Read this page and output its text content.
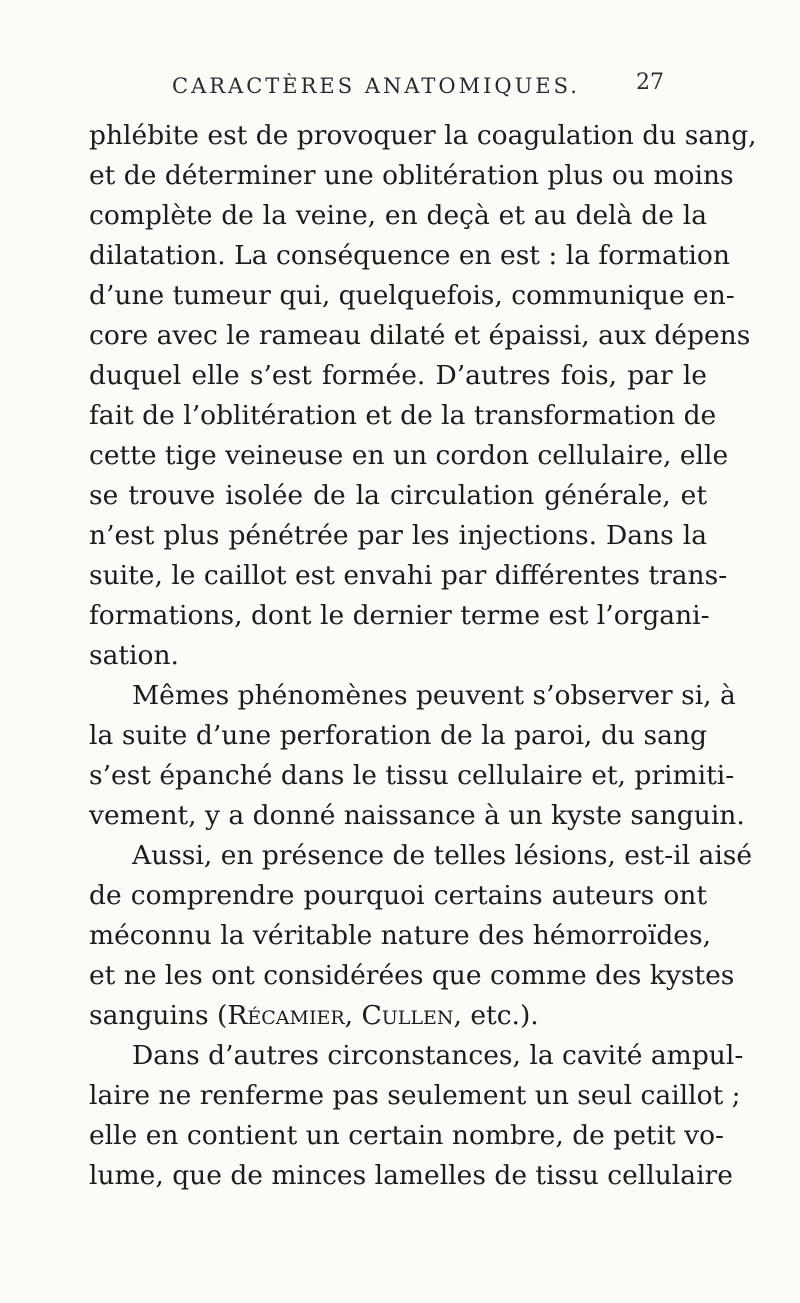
CARACTÈRES ANATOMIQUES.	27
phlébite est de provoquer la coagulation du sang,
et de déterminer une oblitération plus ou moins
complète de la veine, en deçà et au delà de la
dilatation. La conséquence en est : la formation
d’une tumeur qui, quelquefois, communique en-
core avec le rameau dilaté et épaissi, aux dépens
duquel elle s’est formée. D’autres fois, par le
fait de l’oblitération et de la transformation de
cette tige veineuse en un cordon cellulaire, elle
se trouve isolée de la circulation générale, et
n’est plus pénétrée par les injections. Dans la
suite, le caillot est envahi par différentes trans-
formations, dont le dernier terme est l’organi-
sation.
Mêmes phénomènes peuvent s’observer si, à
la suite d’une perforation de la paroi, du sang
s’est épanché dans le tissu cellulaire et, primiti-
vement, y a donné naissance à un kyste sanguin.
Aussi, en présence de telles lésions, est-il aisé
de comprendre pourquoi certains auteurs ont
méconnu la véritable nature des hémorroïdes,
et ne les ont considérées que comme des kystes
sanguins (Récamier, Cullen, etc.).
Dans d’autres circonstances, la cavité ampul-
laire ne renferme pas seulement un seul caillot ;
elle en contient un certain nombre, de petit vo-
lume, que de minces lamelles de tissu cellulaire
